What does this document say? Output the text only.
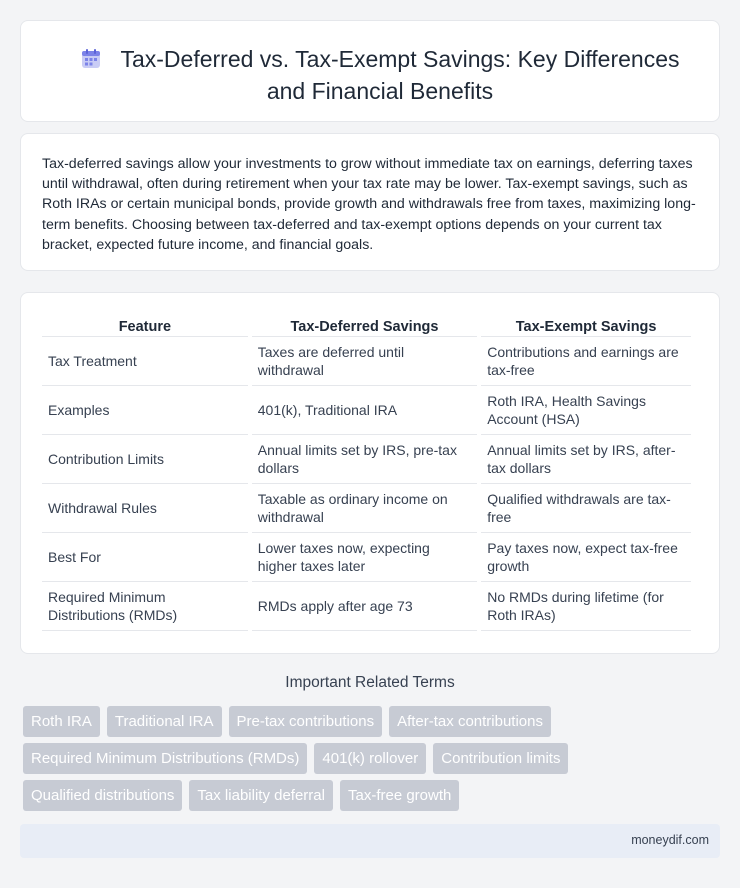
Tax-Deferred vs. Tax-Exempt Savings: Key Differences
and Financial Benefits

Tax-deferred savings allow your investments to grow without immediate tax on earnings, deferring taxes until withdrawal, often during retirement when your tax rate may be lower. Tax-exempt savings, such as Roth IRAs or certain municipal bonds, provide growth and withdrawals free from taxes, maximizing long-term benefits. Choosing between tax-deferred and tax-exempt options depends on your current tax bracket, expected future income, and financial goals.

Feature	Tax-Deferred Savings	Tax-Exempt Savings
Tax Treatment	Taxes are deferred until withdrawal	Contributions and earnings are tax-free
Examples	401(k), Traditional IRA	Roth IRA, Health Savings Account (HSA)
Contribution Limits	Annual limits set by IRS, pre-tax dollars	Annual limits set by IRS, after-tax dollars
Withdrawal Rules	Taxable as ordinary income on withdrawal	Qualified withdrawals are tax-free
Best For	Lower taxes now, expecting higher taxes later	Pay taxes now, expect tax-free growth
Required Minimum Distributions (RMDs)	RMDs apply after age 73	No RMDs during lifetime (for Roth IRAs)
Important Related Terms
Roth IRA	Traditional IRA	Pre-tax contributions	After-tax contributions
Required Minimum Distributions (RMDs)	401(k) rollover	Contribution limits
Qualified distributions	Tax liability deferral	Tax-free growth
moneydif.com
